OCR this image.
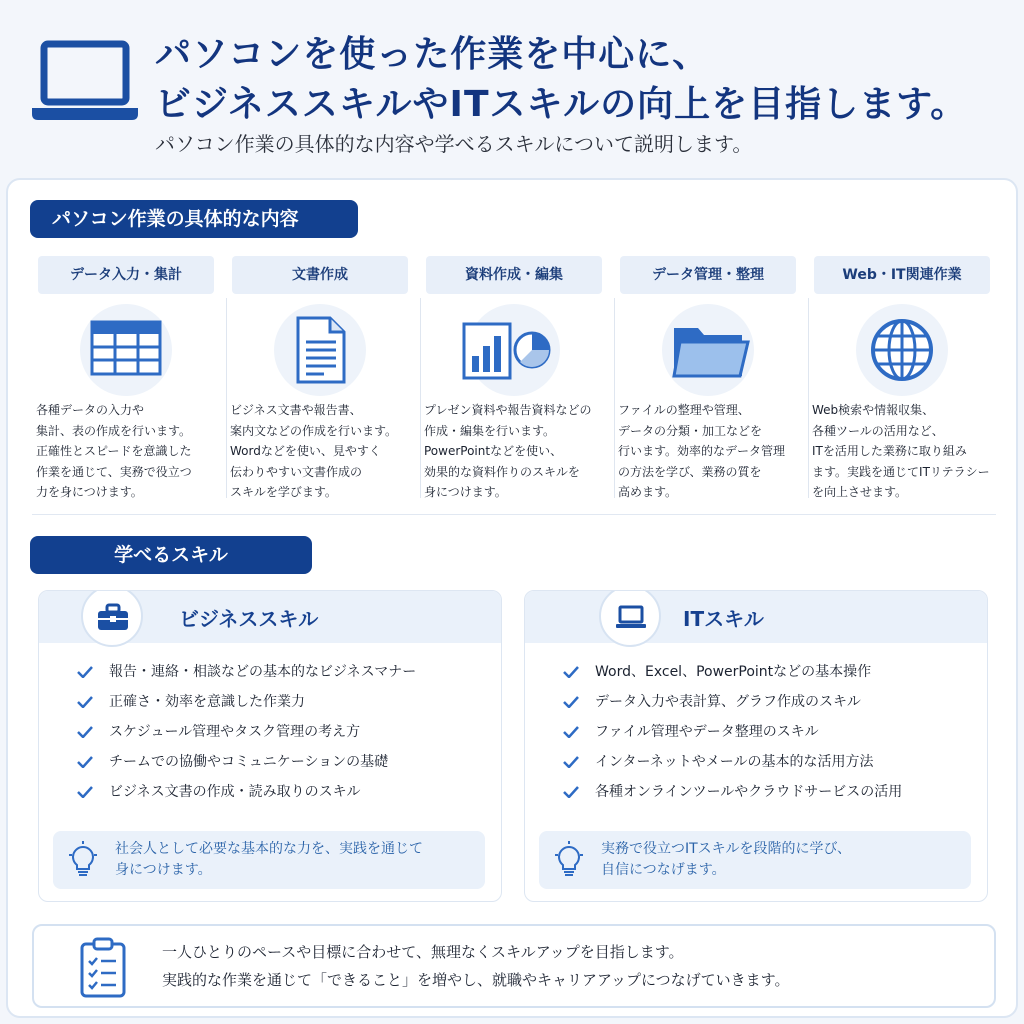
パソコンを使った作業を中心に、
ビジネススキルやITスキルの向上を目指します。
パソコン作業の具体的な内容や学べるスキルについて説明します。
パソコン作業の具体的な内容
データ入力・集計
各種データの入力や
集計、表の作成を行います。
正確性とスピードを意識した
作業を通じて、実務で役立つ
力を身につけます。
文書作成
ビジネス文書や報告書、
案内文などの作成を行います。
Wordなどを使い、見やすく
伝わりやすい文書作成の
スキルを学びます。
資料作成・編集
プレゼン資料や報告資料などの
作成・編集を行います。
PowerPointなどを使い、
効果的な資料作りのスキルを
身につけます。
データ管理・整理
ファイルの整理や管理、
データの分類・加工などを
行います。効率的なデータ管理
の方法を学び、業務の質を
高めます。
Web・IT関連作業
Web検索や情報収集、
各種ツールの活用など、
ITを活用した業務に取り組み
ます。実践を通じてITリテラシー
を向上させます。
学べるスキル
ビジネススキル
報告・連絡・相談などの基本的なビジネスマナー
正確さ・効率を意識した作業力
スケジュール管理やタスク管理の考え方
チームでの協働やコミュニケーションの基礎
ビジネス文書の作成・読み取りのスキル
社会人として必要な基本的な力を、実践を通じて
身につけます。
ITスキル
Word、Excel、PowerPointなどの基本操作
データ入力や表計算、グラフ作成のスキル
ファイル管理やデータ整理のスキル
インターネットやメールの基本的な活用方法
各種オンラインツールやクラウドサービスの活用
実務で役立つITスキルを段階的に学び、
自信につなげます。
一人ひとりのペースや目標に合わせて、無理なくスキルアップを目指します。
実践的な作業を通じて「できること」を増やし、就職やキャリアアップにつなげていきます。
